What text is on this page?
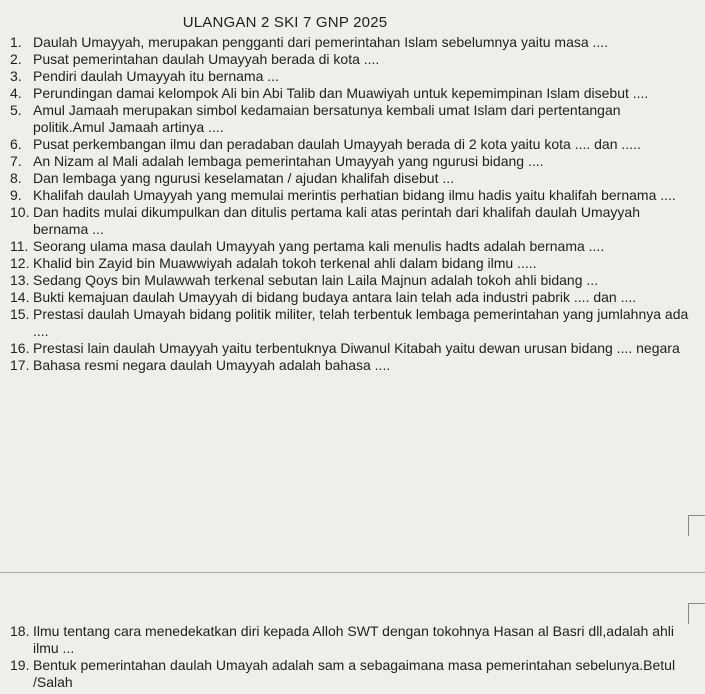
ULANGAN 2 SKI 7 GNP 2025
1. Daulah Umayyah, merupakan pengganti dari pemerintahan Islam sebelumnya yaitu masa ....
2. Pusat pemerintahan daulah Umayyah berada di kota ....
3. Pendiri daulah Umayyah itu bernama ...
4. Perundingan damai kelompok Ali bin Abi Talib dan Muawiyah untuk kepemimpinan Islam disebut ....
5. Amul Jamaah merupakan simbol kedamaian bersatunya kembali umat Islam dari pertentangan politik.Amul Jamaah artinya ....
6. Pusat perkembangan ilmu dan peradaban daulah Umayyah berada di 2 kota yaitu kota .... dan .....
7. An Nizam al Mali adalah lembaga pemerintahan Umayyah yang ngurusi bidang ....
8. Dan lembaga yang ngurusi keselamatan / ajudan khalifah disebut ...
9. Khalifah daulah Umayyah yang memulai merintis perhatian bidang ilmu hadis yaitu khalifah bernama ....
10. Dan hadits mulai dikumpulkan dan ditulis pertama kali atas perintah dari khalifah daulah Umayyah bernama ...
11. Seorang ulama masa daulah Umayyah yang pertama kali menulis hadts adalah bernama ....
12. Khalid bin Zayid bin Muawwiyah adalah tokoh terkenal ahli dalam bidang ilmu .....
13. Sedang Qoys bin Mulawwah terkenal sebutan lain Laila Majnun adalah tokoh ahli bidang ...
14. Bukti kemajuan daulah Umayyah di bidang budaya antara lain telah ada industri pabrik .... dan ....
15. Prestasi daulah Umayah bidang politik militer, telah terbentuk lembaga pemerintahan yang jumlahnya ada ....
16. Prestasi lain daulah Umayyah yaitu terbentuknya Diwanul Kitabah yaitu dewan urusan bidang .... negara
17. Bahasa resmi negara daulah Umayyah adalah bahasa ....
18. Ilmu tentang cara menedekatkan diri kepada Alloh SWT dengan tokohnya Hasan al Basri dll,adalah ahli ilmu ...
19. Bentuk pemerintahan daulah Umayah adalah sam a sebagaimana masa pemerintahan sebelunya.Betul /Salah
